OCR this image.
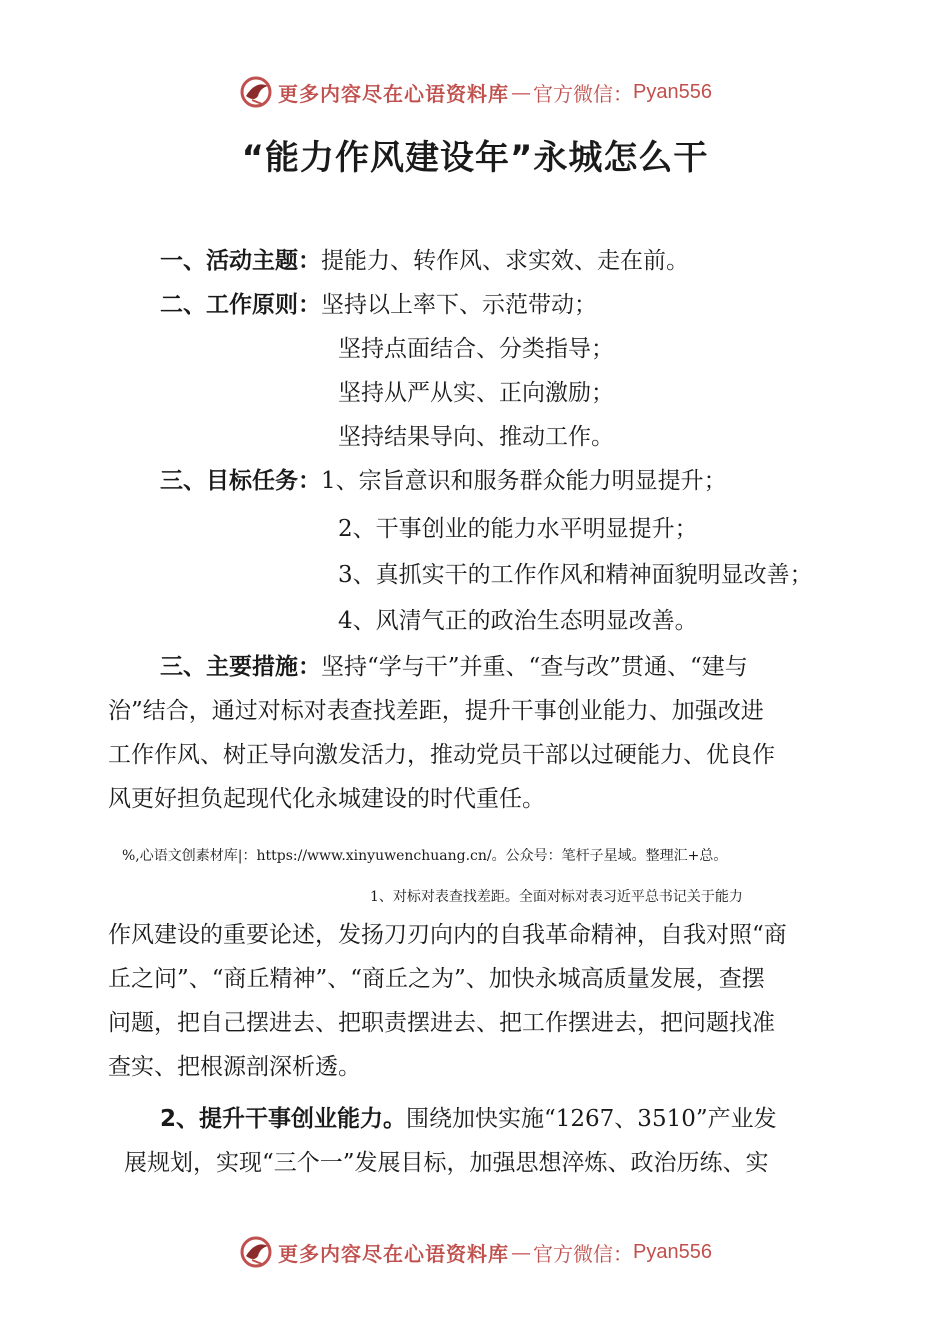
更多内容尽在心语资料库 — 官方微信： Pyan556
“能力作风建设年”永城怎么干
一、活动主题：提能力、转作风、求实效、走在前。
二、工作原则：坚持以上率下、示范带动；
坚持点面结合、分类指导；
坚持从严从实、正向激励；
坚持结果导向、推动工作。
三、目标任务：1、宗旨意识和服务群众能力明显提升；
2、干事创业的能力水平明显提升；
3、真抓实干的工作作风和精神面貌明显改善；
4、风清气正的政治生态明显改善。
三、主要措施：坚持“学与干”并重、“查与改”贯通、“建与
治”结合，通过对标对表查找差距，提升干事创业能力、加强改进
工作作风、树正导向激发活力，推动党员干部以过硬能力、优良作
风更好担负起现代化永城建设的时代重任。
%,心语文创素材库|：https://www.xinyuwenchuang.cn/。公众号：笔杆子星域。整理汇+总。
1、对标对表查找差距。全面对标对表习近平总书记关于能力
作风建设的重要论述，发扬刀刃向内的自我革命精神，自我对照“商
丘之问”、“商丘精神”、“商丘之为”、加快永城高质量发展，查摆
问题，把自己摆进去、把职责摆进去、把工作摆进去，把问题找准
查实、把根源剖深析透。
2、提升干事创业能力。围绕加快实施“1267、3510”产业发
展规划，实现“三个一”发展目标，加强思想淬炼、政治历练、实
更多内容尽在心语资料库 — 官方微信： Pyan556
